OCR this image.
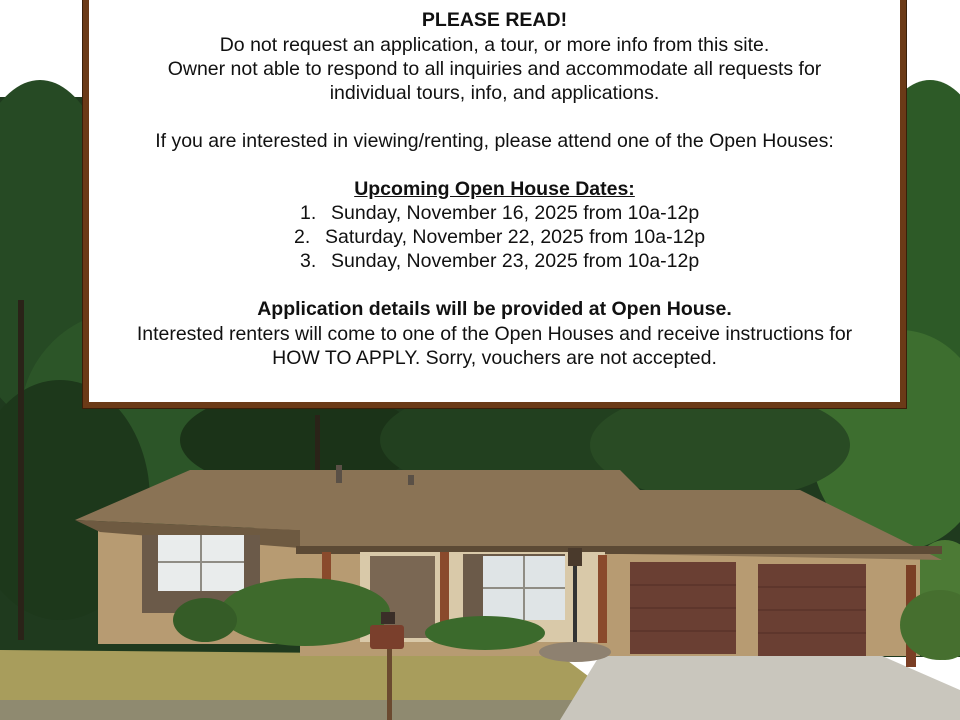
PLEASE READ!
Do not request an application, a tour, or more info from this site.
Owner not able to respond to all inquiries and accommodate all requests for
individual tours, info, and applications.
If you are interested in viewing/renting, please attend one of the Open Houses:
Upcoming Open House Dates:
1. Sunday, November 16, 2025 from 10a-12p
2. Saturday, November 22, 2025 from 10a-12p
3. Sunday, November 23, 2025 from 10a-12p
Application details will be provided at Open House.
Interested renters will come to one of the Open Houses and receive instructions for
HOW TO APPLY. Sorry, vouchers are not accepted.
